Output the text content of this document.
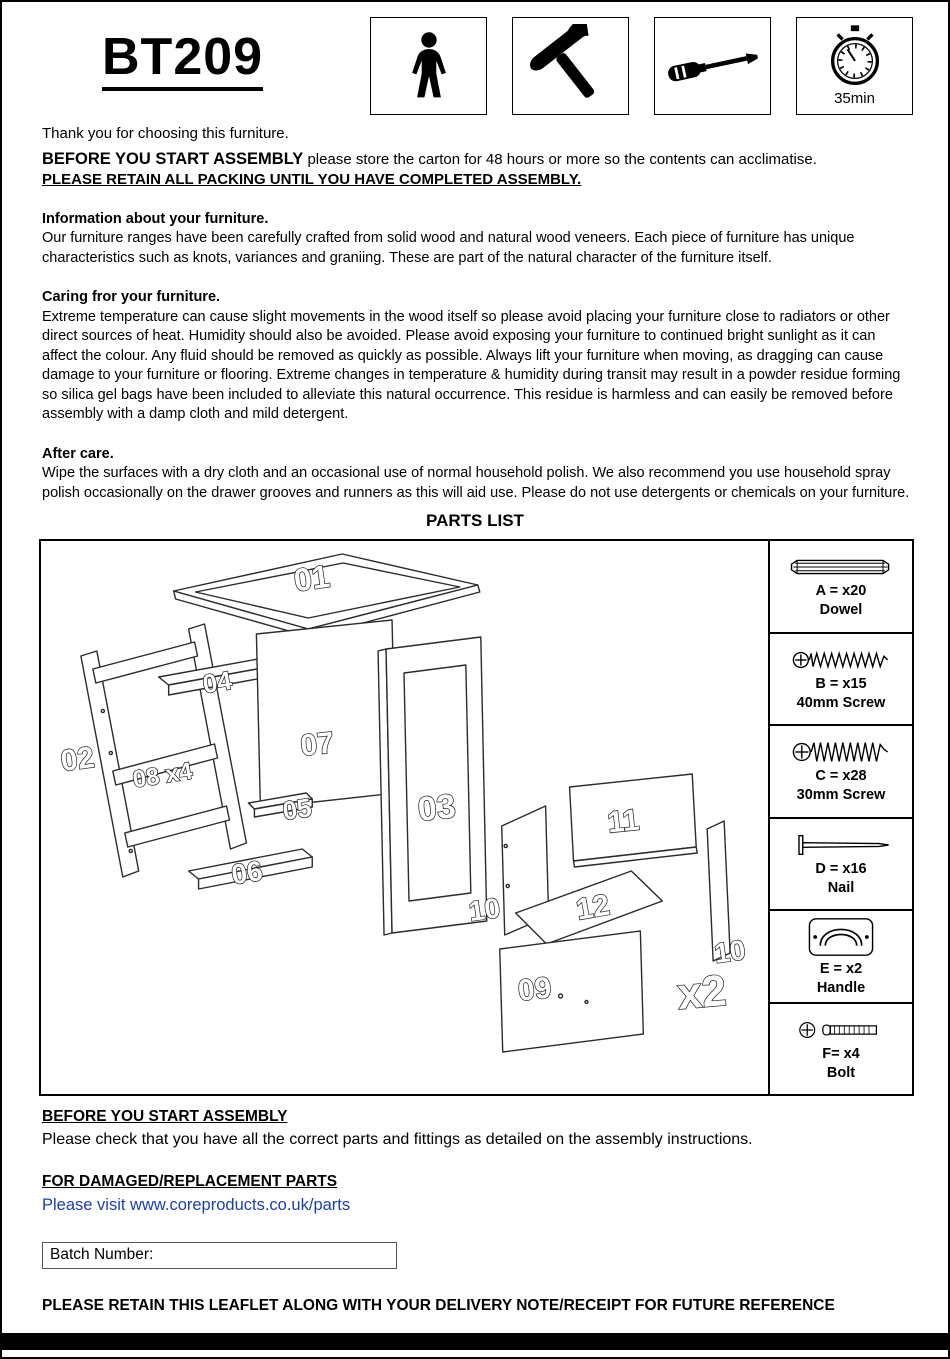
BT209
35min

Thank you for choosing this furniture.

BEFORE YOU START ASSEMBLY please store the carton for 48 hours or more so the contents can acclimatise.

PLEASE RETAIN ALL PACKING UNTIL YOU HAVE COMPLETED ASSEMBLY.

Information about your furniture.

Our furniture ranges have been carefully crafted from solid wood and natural wood veneers. Each piece of furniture has unique characteristics such as knots, variances and graniing. These are part of the natural character of the furniture itself.

Caring fror your furniture.

Extreme temperature can cause slight movements in the wood itself so please avoid placing your furniture close to radiators or other direct sources of heat. Humidity should also be avoided. Please avoid exposing your furniture to continued bright sunlight as it can affect the colour. Any fluid should be removed as quickly as possible. Always lift your furniture when moving, as dragging can cause damage to your furniture or flooring. Extreme changes in temperature & humidity during transit may result in a powder residue forming so silica gel bags have been included to alleviate this natural occurrence. This residue is harmless and can easily be removed before assembly with a damp cloth and mild detergent.

After care.

Wipe the surfaces with a dry cloth and an occasional use of normal household polish. We also recommend you use household spray polish occasionally on the drawer grooves and runners as this will aid use. Please do not use detergents or chemicals on your furniture.

PARTS LIST
01
02
04
08 x4
07
05	03
06
10
11
12
09	x2
10
A = x20
Dowel
B = x15
40mm Screw
C = x28
30mm Screw
D = x16
Nail
E = x2
Handle
F= x4
Bolt

BEFORE YOU START ASSEMBLY

Please check that you have all the correct parts and fittings as detailed on the assembly instructions.

FOR DAMAGED/REPLACEMENT PARTS

Please visit www.coreproducts.co.uk/parts

Batch Number:

PLEASE RETAIN THIS LEAFLET ALONG WITH YOUR DELIVERY NOTE/RECEIPT FOR FUTURE REFERENCE
